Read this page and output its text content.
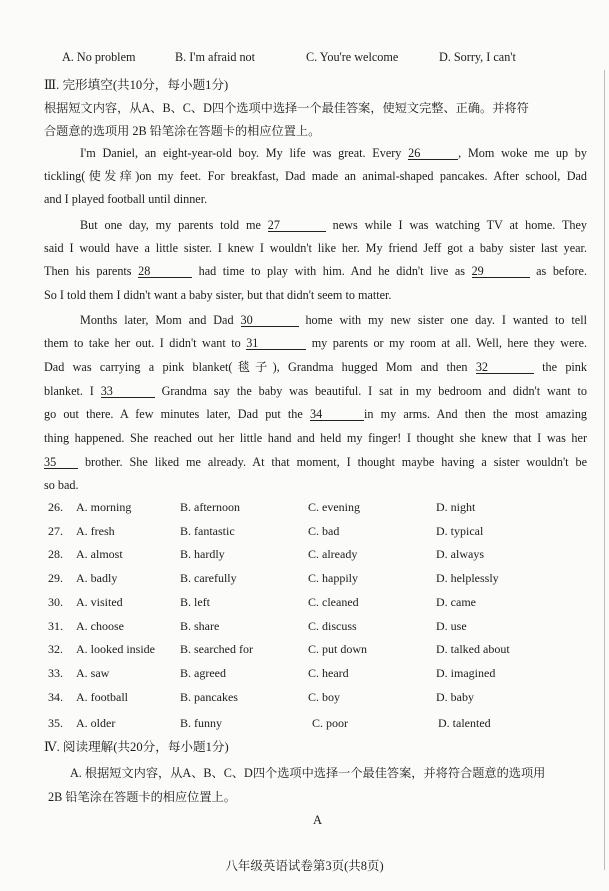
A. No problem	B. I'm afraid not	C. You're welcome	D. Sorry, I can't
Ⅲ. 完形填空(共10分，每小题1分)
根据短文内容，从A、B、C、D四个选项中选择一个最佳答案，使短文完整、正确。并将符
合题意的选项用 2B 铅笔涂在答题卡的相应位置上。
I'm Daniel, an eight-year-old boy. My life was great. Every 26	, Mom woke me up by
tickling(使发痒)on my feet. For breakfast, Dad made an animal-shaped pancakes. After school, Dad
and I played football until dinner.
But one day, my parents told me 27	news while I was watching TV at home. They
said I would have a little sister. I knew I wouldn't like her. My friend Jeff got a baby sister last year.
Then his parents 28	had time to play with him. And he didn't live as 29	as before.
So I told them I didn't want a baby sister, but that didn't seem to matter.
Months later, Mom and Dad 30	home with my new sister one day. I wanted to tell
them to take her out. I didn't want to 31	my parents or my room at all. Well, here they were.
Dad was carrying a pink blanket(毯子), Grandma hugged Mom and then 32	the pink
blanket. I 33	Grandma say the baby was beautiful. I sat in my bedroom and didn't want to
go out there. A few minutes later, Dad put the 34	in my arms. And then the most amazing
thing happened. She reached out her little hand and held my finger! I thought she knew that I was her
35 brother. She liked me already. At that moment, I thought maybe having a sister wouldn't be
so bad.
26. A. morning	B. afternoon	C. evening	D. night
27. A. fresh	B. fantastic	C. bad	D. typical
28. A. almost	B. hardly	C. already	D. always
29. A. badly	B. carefully	C. happily	D. helplessly
30. A. visited	B. left	C. cleaned	D. came
31. A. choose	B. share	C. discuss	D. use
32. A. looked inside B. searched for	C. put down	D. talked about
33. A. saw	B. agreed	C. heard	D. imagined
34. A. football	B. pancakes	C. boy	D. baby
35. A. older	B. funny	C. poor	D. talented
Ⅳ. 阅读理解(共20分，每小题1分)
A. 根据短文内容，从A、B、C、D四个选项中选择一个最佳答案，并将符合题意的选项用
2B 铅笔涂在答题卡的相应位置上。
A
八年级英语试卷第3页(共8页)
